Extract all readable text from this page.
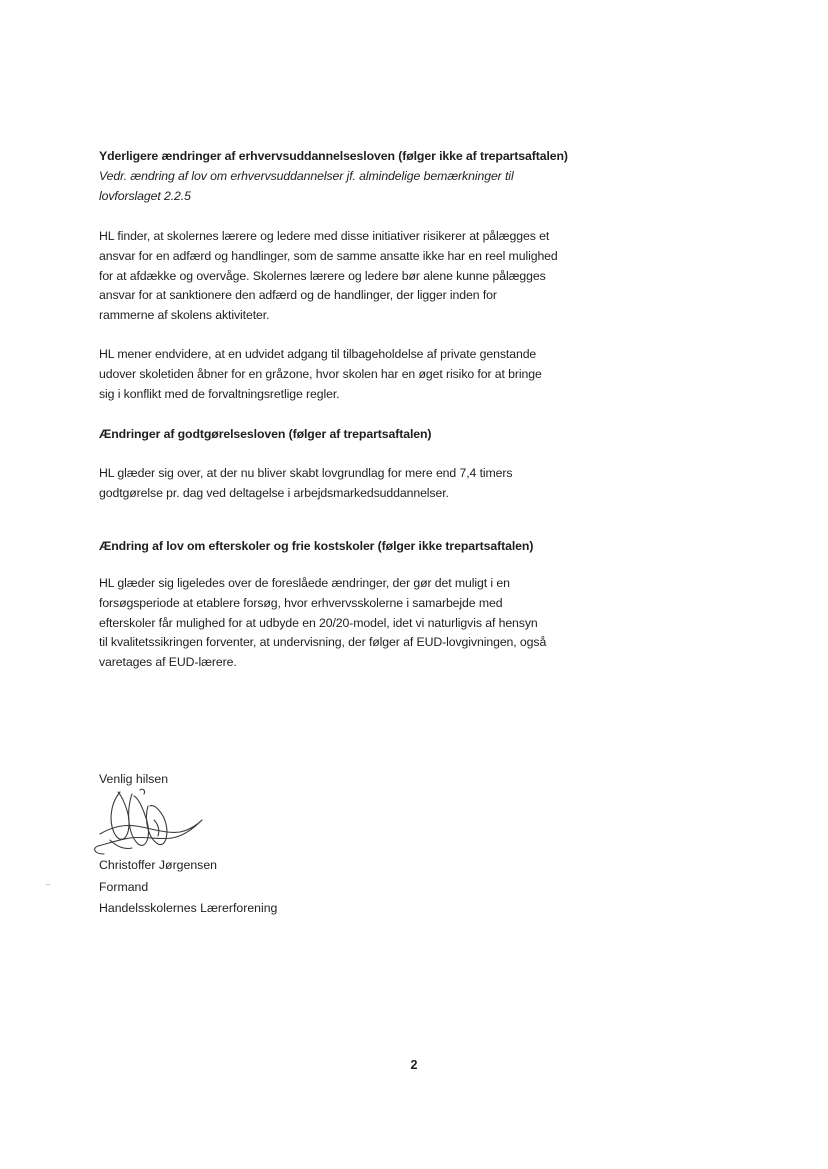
Yderligere ændringer af erhvervsuddannelsesloven (følger ikke af trepartsaftalen)
Vedr. ændring af lov om erhvervsuddannelser jf. almindelige bemærkninger til
lovforslaget 2.2.5
HL finder, at skolernes lærere og ledere med disse initiativer risikerer at pålægges et
ansvar for en adfærd og handlinger, som de samme ansatte ikke har en reel mulighed
for at afdække og overvåge. Skolernes lærere og ledere bør alene kunne pålægges
ansvar for at sanktionere den adfærd og de handlinger, der ligger inden for
rammerne af skolens aktiviteter.
HL mener endvidere, at en udvidet adgang til tilbageholdelse af private genstande
udover skoletiden åbner for en gråzone, hvor skolen har en øget risiko for at bringe
sig i konflikt med de forvaltningsretlige regler.
Ændringer af godtgørelsesloven (følger af trepartsaftalen)
HL glæder sig over, at der nu bliver skabt lovgrundlag for mere end 7,4 timers
godtgørelse pr. dag ved deltagelse i arbejdsmarkedsuddannelser.
Ændring af lov om efterskoler og frie kostskoler (følger ikke trepartsaftalen)
HL glæder sig ligeledes over de foreslåede ændringer, der gør det muligt i en
forsøgsperiode at etablere forsøg, hvor erhvervsskolerne i samarbejde med
efterskoler får mulighed for at udbyde en 20/20-model, idet vi naturligvis af hensyn
til kvalitetssikringen forventer, at undervisning, der følger af EUD-lovgivningen, også
varetages af EUD-lærere.
Venlig hilsen
Christoffer Jørgensen
Formand
Handelsskolernes Lærerforening
2
